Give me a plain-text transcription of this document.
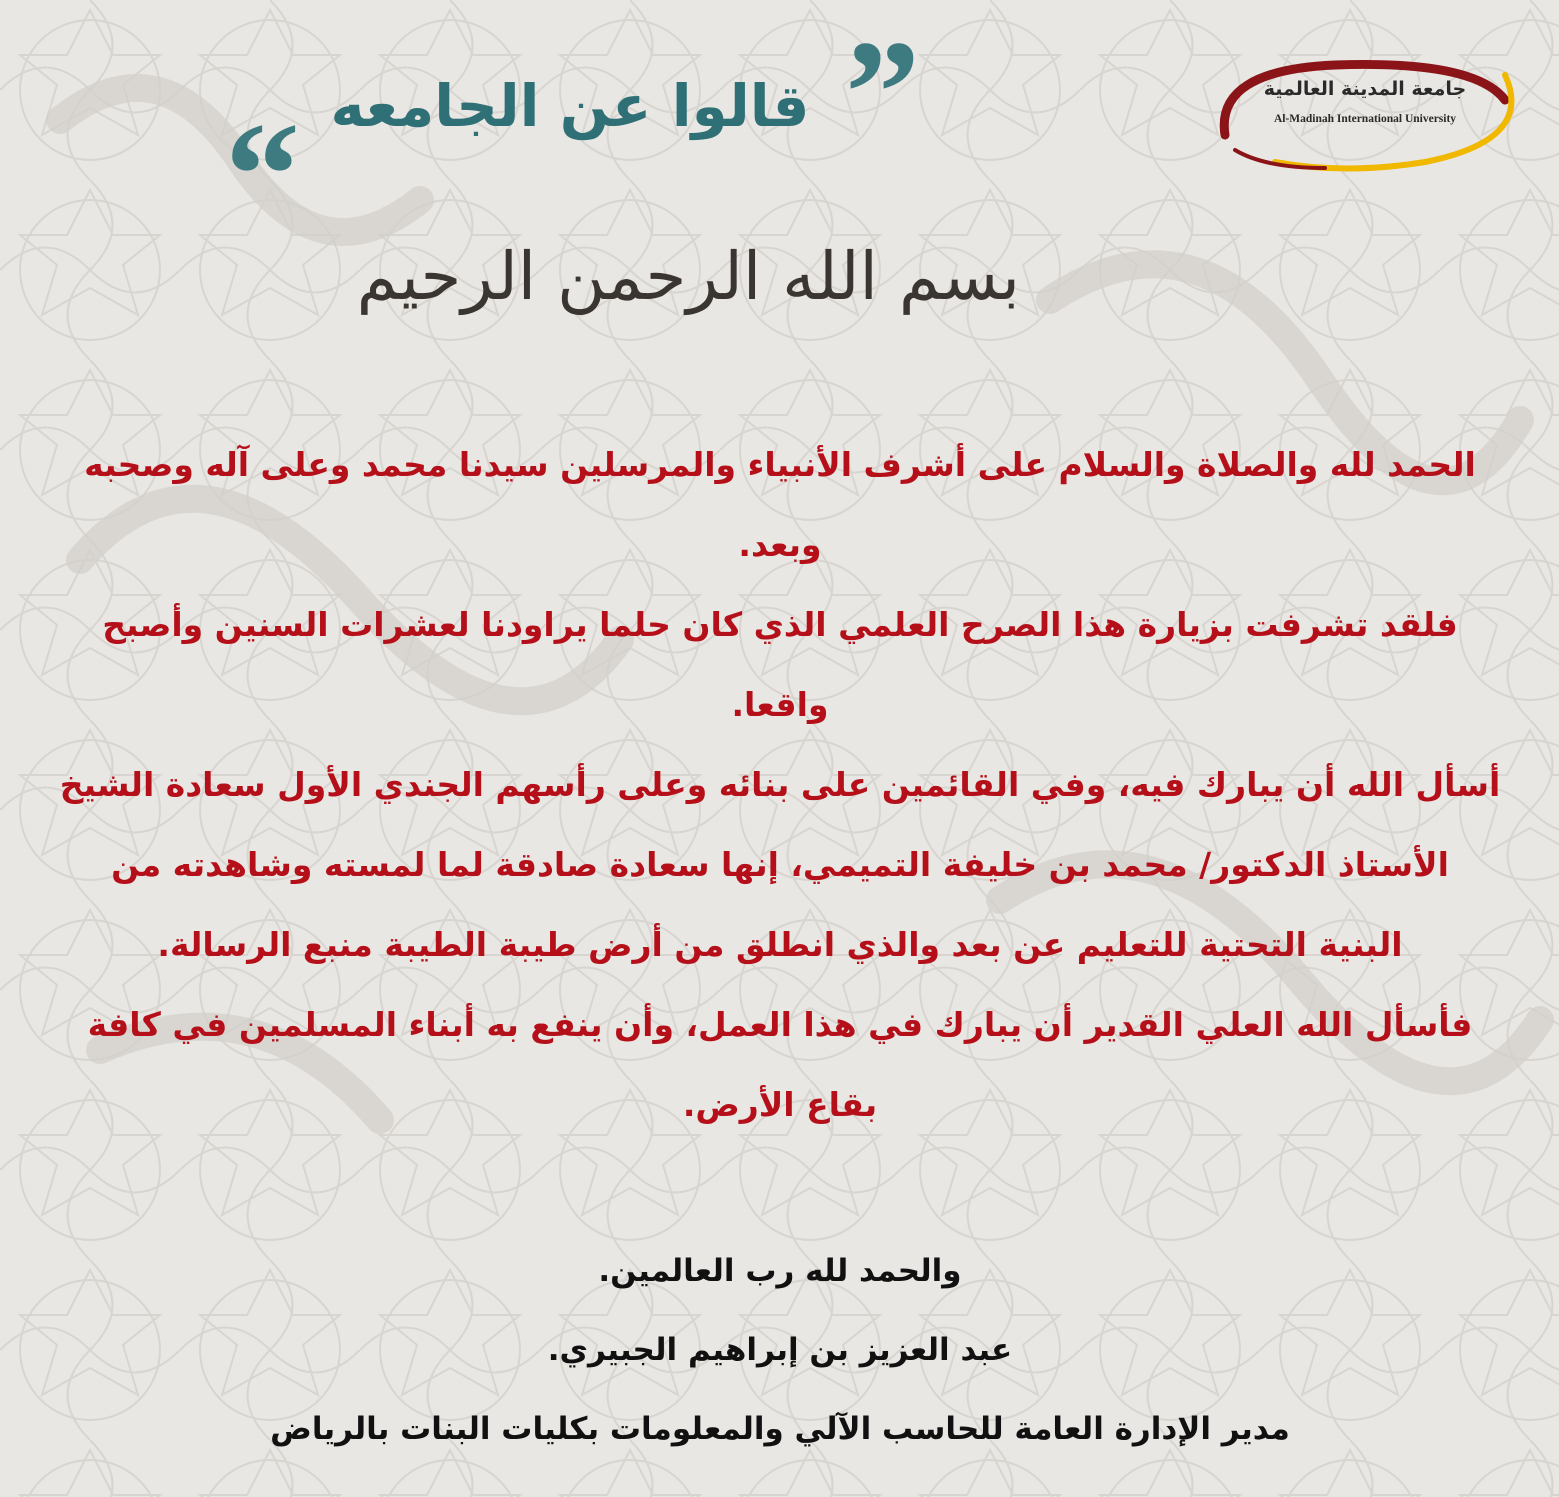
جامعة المدينة العالمية
Al-Madinah International University
”
قالوا عن الجامعه
“
بسم الله الرحمن الرحيم
الحمد لله والصلاة والسلام على أشرف الأنبياء والمرسلين سيدنا محمد وعلى آله وصحبه
وبعد.
فلقد تشرفت بزيارة هذا الصرح العلمي الذي كان حلما يراودنا لعشرات السنين وأصبح
واقعا.
أسأل الله أن يبارك فيه، وفي القائمين على بنائه وعلى رأسهم الجندي الأول سعادة الشيخ
الأستاذ الدكتور/ محمد بن خليفة التميمي، إنها سعادة صادقة لما لمسته وشاهدته من
البنية التحتية للتعليم عن بعد والذي انطلق من أرض طيبة الطيبة منبع الرسالة.
فأسأل الله العلي القدير أن يبارك في هذا العمل، وأن ينفع به أبناء المسلمين في كافة
بقاع الأرض.
والحمد لله رب العالمين.
عبد العزيز بن إبراهيم الجبيري.
مدير الإدارة العامة للحاسب الآلي والمعلومات بكليات البنات بالرياض
